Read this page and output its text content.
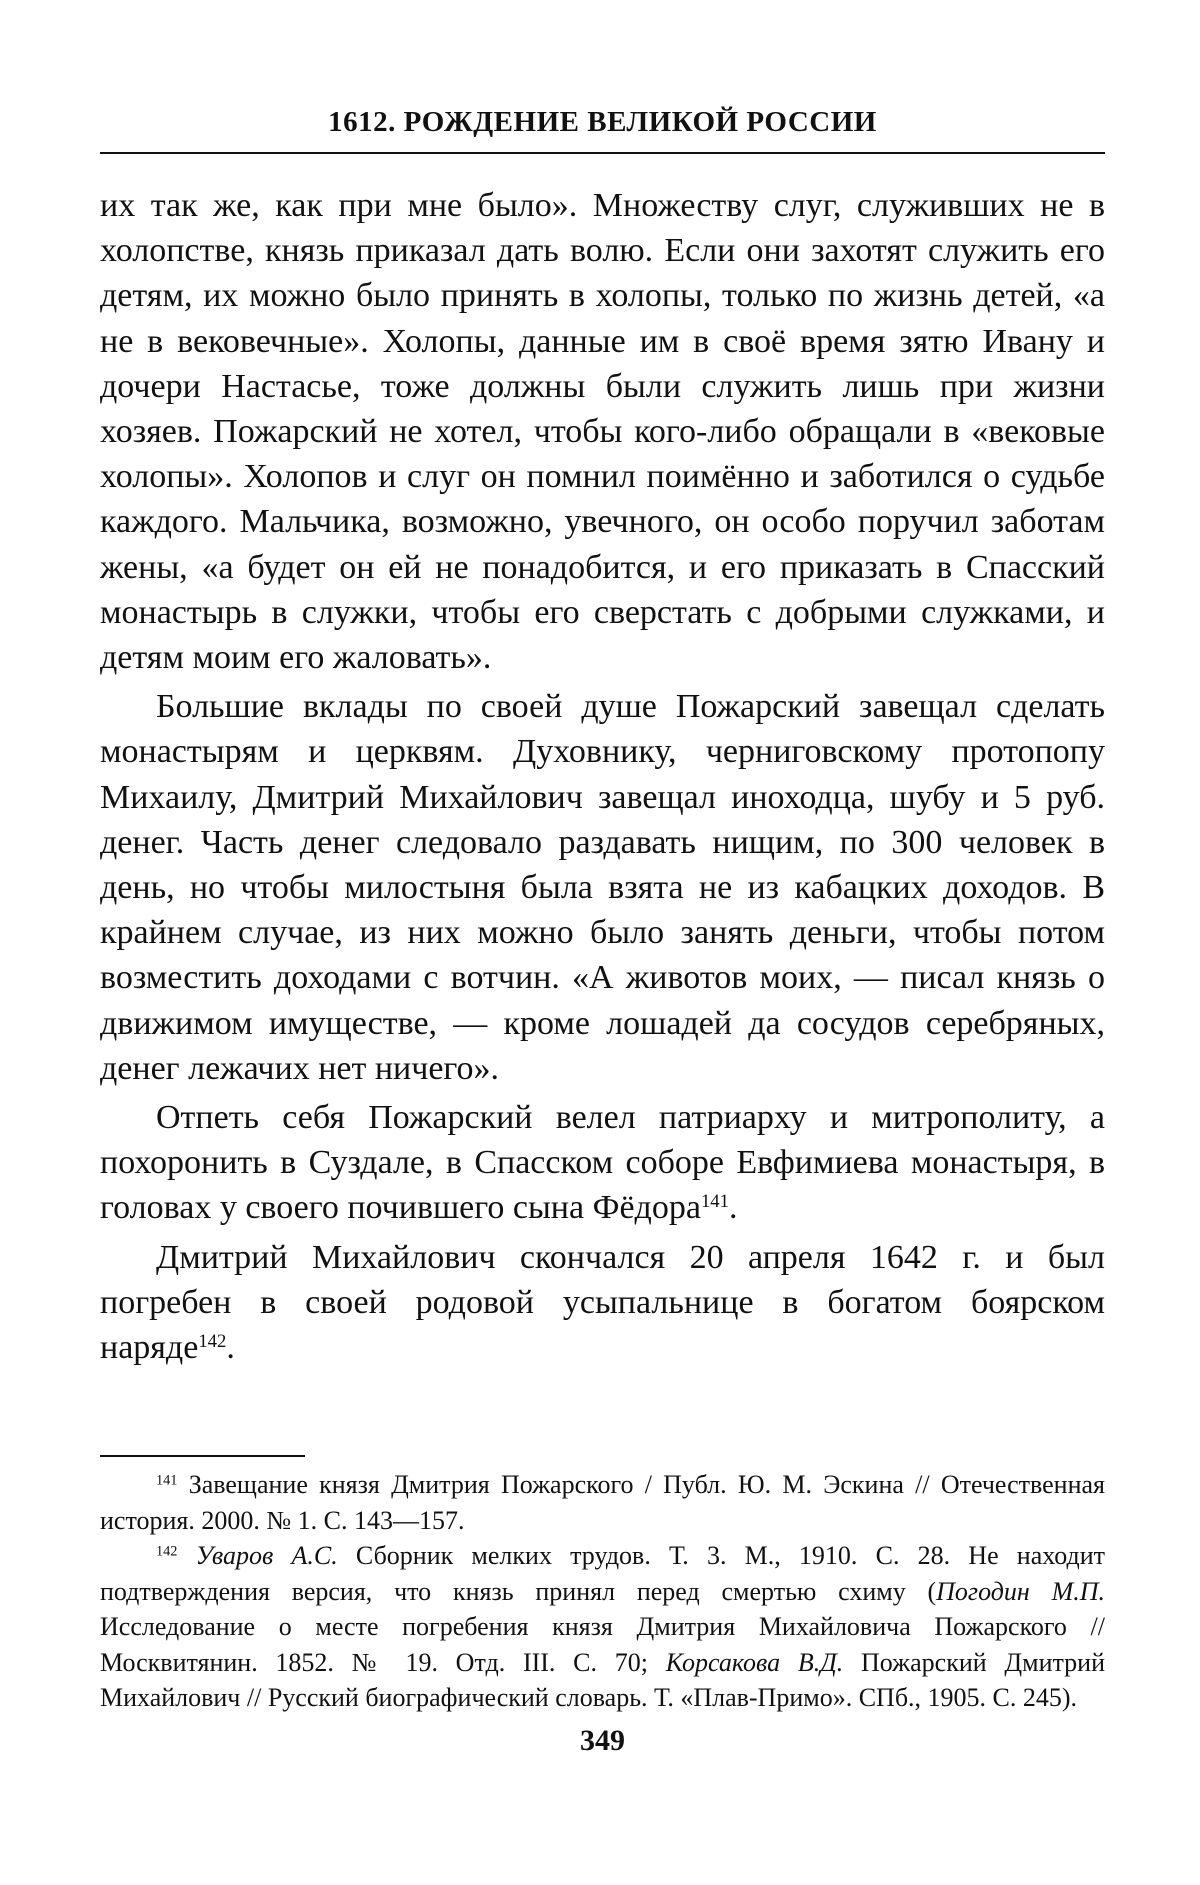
1612. РОЖДЕНИЕ ВЕЛИКОЙ РОССИИ

их так же, как при мне было». Множеству слуг, служивших не в холопстве, князь приказал дать волю. Если они захотят служить его детям, их можно было принять в холопы, только по жизнь детей, «а не в вековечные». Холопы, данные им в своё время зятю Ивану и дочери Настасье, тоже должны были служить лишь при жизни хозяев. Пожарский не хотел, чтобы кого-либо обращали в «вековые холопы». Холопов и слуг он помнил поимённо и заботился о судьбе каждого. Мальчика, возможно, увечного, он особо поручил заботам жены, «а будет он ей не понадобится, и его приказать в Спасский монастырь в служки, чтобы его сверстать с добрыми служками, и детям моим его жаловать».

Большие вклады по своей душе Пожарский завещал сделать монастырям и церквям. Духовнику, черниговскому протопопу Михаилу, Дмитрий Михайлович завещал иноходца, шубу и 5 руб. денег. Часть денег следовало раздавать нищим, по 300 человек в день, но чтобы милостыня была взята не из кабацких доходов. В крайнем случае, из них можно было занять деньги, чтобы потом возместить доходами с вотчин. «А животов моих, — писал князь о движимом имуществе, — кроме лошадей да сосудов серебряных, денег лежачих нет ничего».

Отпеть себя Пожарский велел патриарху и митрополиту, а похоронить в Суздале, в Спасском соборе Евфимиева монастыря, в головах у своего почившего сына Фёдора$^{141}$.

Дмитрий Михайлович скончался 20 апреля 1642 г. и был погребен в своей родовой усыпальнице в богатом боярском наряде$^{142}$.

$^{141}$ Завещание князя Дмитрия Пожарского / Публ. Ю. М. Эскина // Отечественная история. 2000. № 1. С. 143—157.

$^{142}$ Уваров А.С. Сборник мелких трудов. Т. 3. М., 1910. С. 28. Не находит подтверждения версия, что князь принял перед смертью схиму (Погодин М.П. Исследование о месте погребения князя Дмитрия Михайловича Пожарского // Москвитянин. 1852. № 19. Отд. III. С. 70; Корсакова В.Д. Пожарский Дмитрий Михайлович // Русский биографический словарь. Т. «Плав-Примо». СПб., 1905. С. 245).

349
